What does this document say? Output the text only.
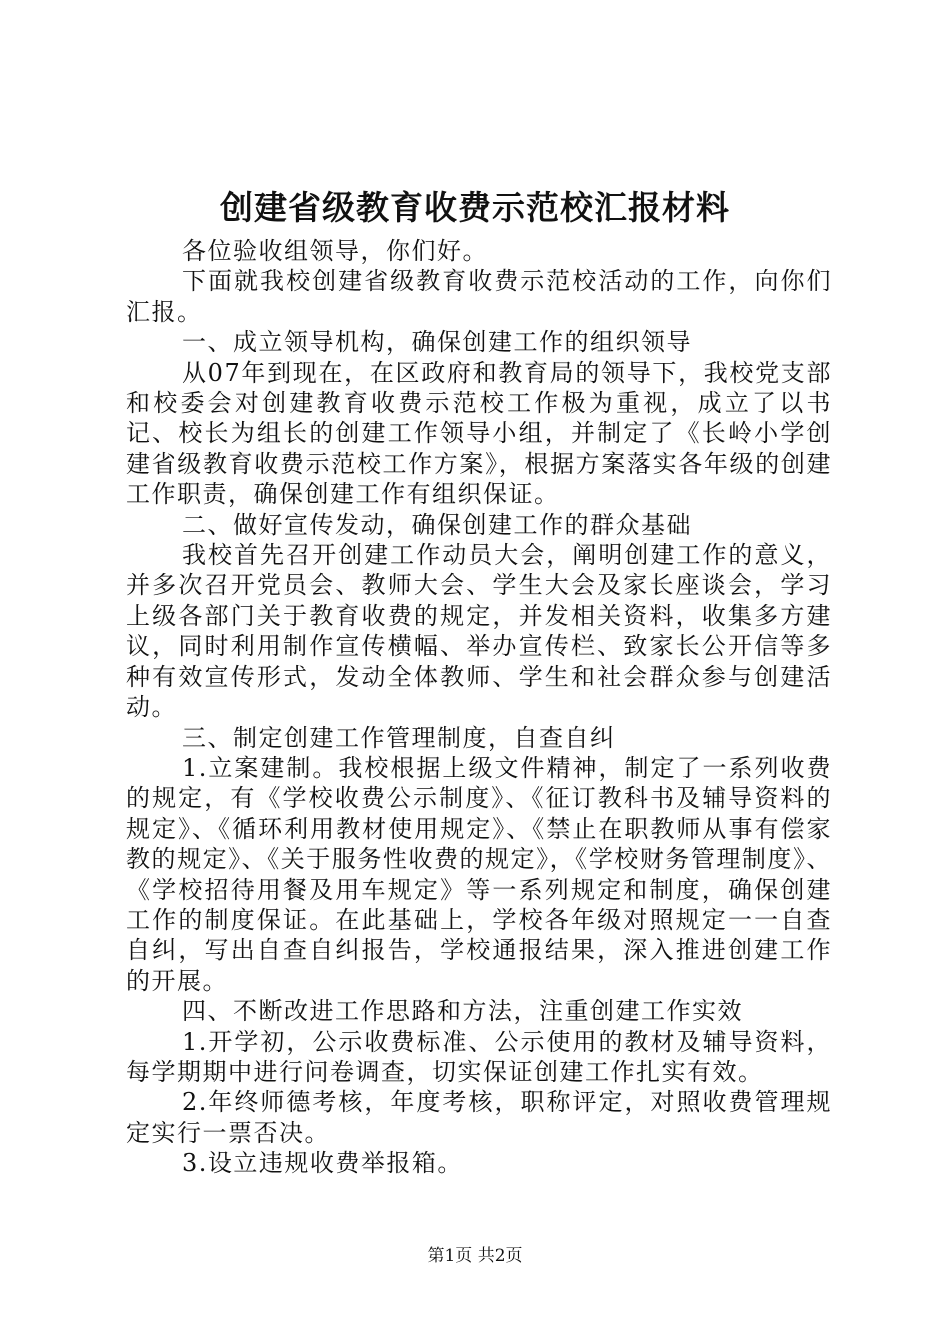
创建省级教育收费示范校汇报材料

各位验收组领导，你们好。

下面就我校创建省级教育收费示范校活动的工作，向你们汇报。

一、成立领导机构，确保创建工作的组织领导

从07年到现在，在区政府和教育局的领导下，我校党支部和校委会对创建教育收费示范校工作极为重视，成立了以书记、校长为组长的创建工作领导小组，并制定了《长岭小学创建省级教育收费示范校工作方案》，根据方案落实各年级的创建工作职责，确保创建工作有组织保证。

二、做好宣传发动，确保创建工作的群众基础

我校首先召开创建工作动员大会，阐明创建工作的意义，并多次召开党员会、教师大会、学生大会及家长座谈会，学习上级各部门关于教育收费的规定，并发相关资料，收集多方建议，同时利用制作宣传横幅、举办宣传栏、致家长公开信等多种有效宣传形式，发动全体教师、学生和社会群众参与创建活动。

三、制定创建工作管理制度，自查自纠

1.立案建制。我校根据上级文件精神，制定了一系列收费的规定，有《学校收费公示制度》、《征订教科书及辅导资料的规定》、《循环利用教材使用规定》、《禁止在职教师从事有偿家教的规定》、《关于服务性收费的规定》，《学校财务管理制度》、《学校招待用餐及用车规定》等一系列规定和制度，确保创建工作的制度保证。在此基础上，学校各年级对照规定一一自查自纠，写出自查自纠报告，学校通报结果，深入推进创建工作的开展。

四、不断改进工作思路和方法，注重创建工作实效

1.开学初，公示收费标准、公示使用的教材及辅导资料，每学期期中进行问卷调查，切实保证创建工作扎实有效。

2.年终师德考核，年度考核，职称评定，对照收费管理规定实行一票否决。

3.设立违规收费举报箱。

第1页 共2页
